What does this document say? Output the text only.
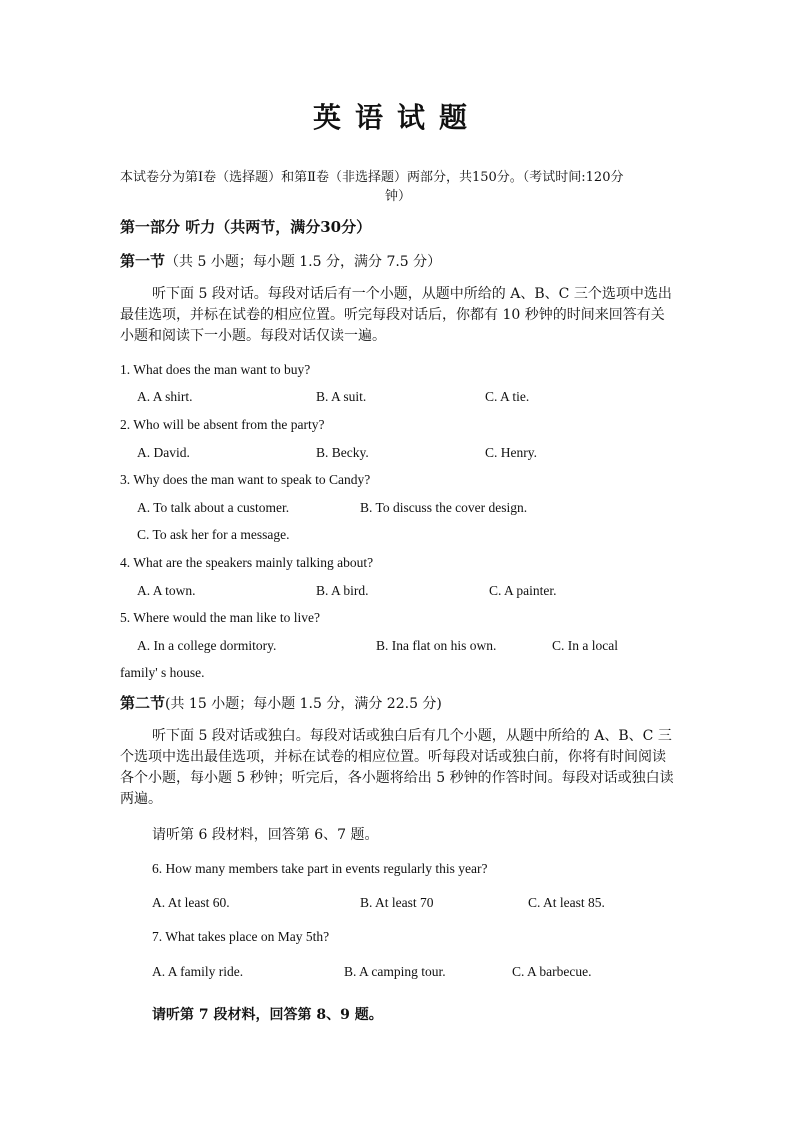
英语试题
本试卷分为第Ⅰ卷（选择题）和第Ⅱ卷（非选择题）两部分，共150分。（考试时间:120分
钟）
第一部分 听力（共两节，满分30分）
第一节（共 5 小题；每小题 1.5 分，满分 7.5 分）
听下面 5 段对话。每段对话后有一个小题，从题中所给的 A、B、C 三个选项中选出最佳选项，并标在试卷的相应位置。听完每段对话后，你都有 10 秒钟的时间来回答有关小题和阅读下一小题。每段对话仅读一遍。
1. What does the man want to buy?
A. A shirt.	B. A suit.	C. A tie.
2. Who will be absent from the party?
A. David.	B. Becky.	C. Henry.
3. Why does the man want to speak to Candy?
A. To talk about a customer.	B. To discuss the cover design.
C. To ask her for a message.
4. What are the speakers mainly talking about?
A. A town.	B. A bird.	C. A painter.
5. Where would the man like to live?
A. In a college dormitory.	B. Ina flat on his own.	C. In a local
family' s house.
第二节(共 15 小题；每小题 1.5 分，满分 22.5 分)
听下面 5 段对话或独白。每段对话或独白后有几个小题，从题中所给的 A、B、C 三个选项中选出最佳选项，并标在试卷的相应位置。听每段对话或独白前，你将有时间阅读各个小题，每小题 5 秒钟；听完后，各小题将给出 5 秒钟的作答时间。每段对话或独白读两遍。
请听第 6 段材料，回答第 6、7 题。
6. How many members take part in events regularly this year?
A. At least 60.	B. At least 70	C. At least 85.
7. What takes place on May 5th?
A. A family ride.	B. A camping tour.	C. A barbecue.
请听第 7 段材料，回答第 8、9 题。
